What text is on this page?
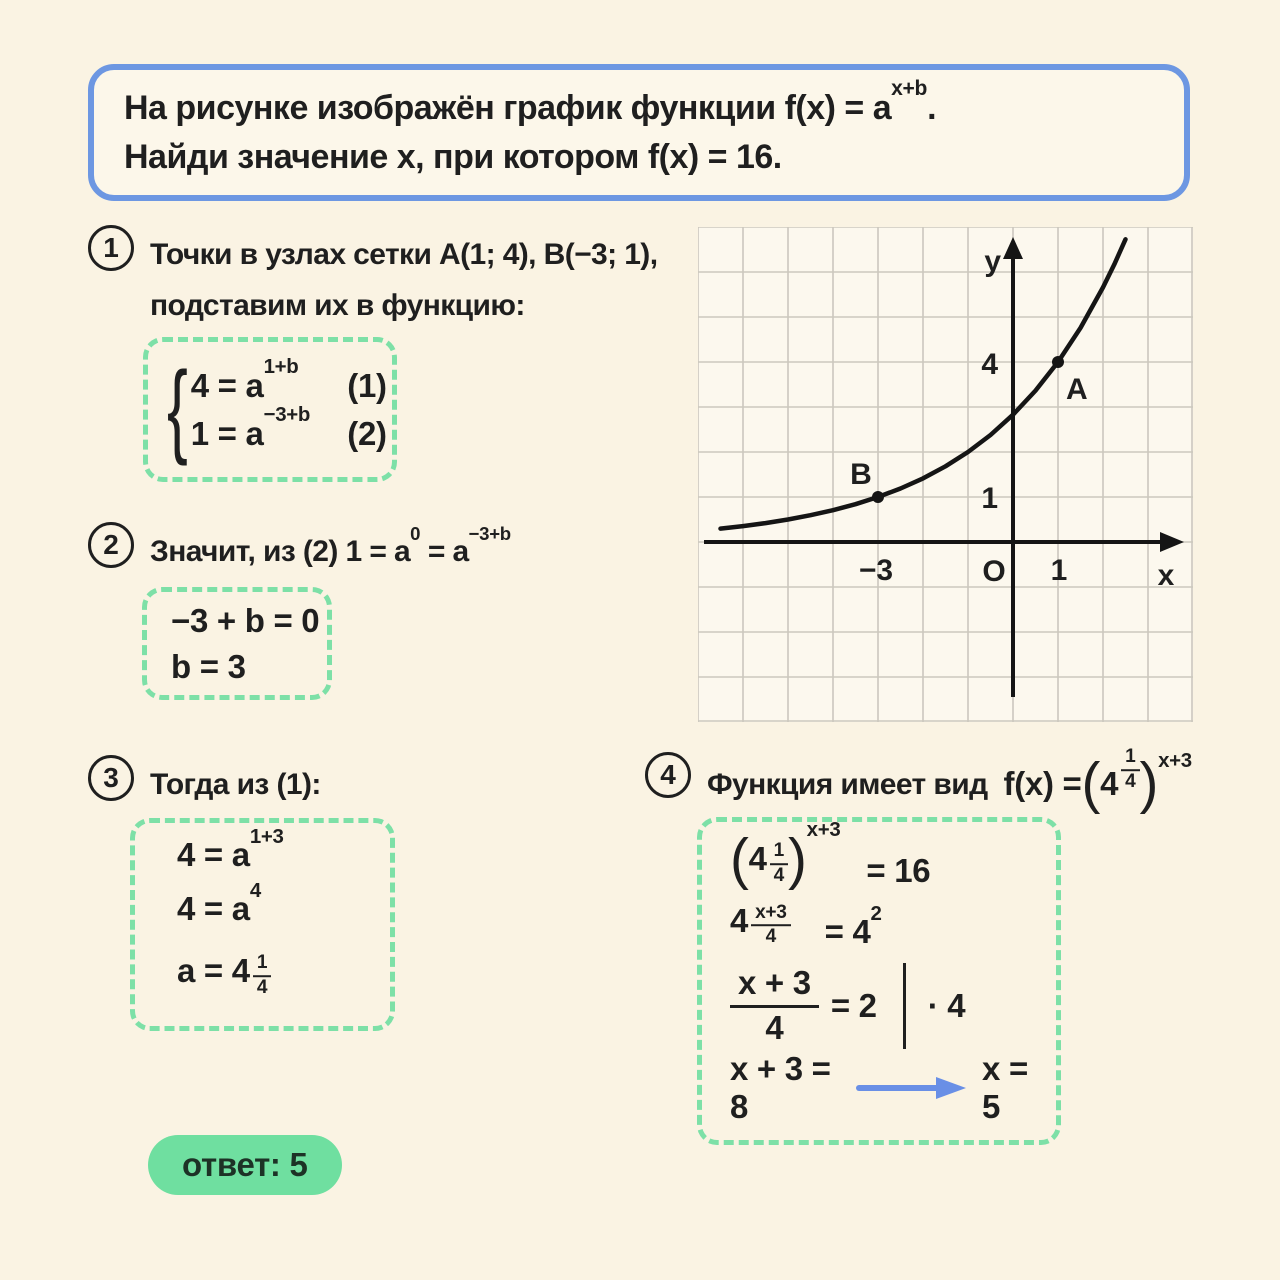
На рисунке изображён график функции $f(x) = a^{x+b}$.
Найди значение x, при котором f(x) = 16.
1	Точки в узлах сетки A(1; 4), B(−3; 1),
подставим их в функцию:
{ $4 = a^{1+b}$ (1)
$1 = a^{-3+b}$ (2)
y
x
O
4
1
−3	1
A
B
2	Значит, из (2) $1 = a^0 = a^{-3+b}$
−3 + b = 0
b = 3
3	Тогда из (1):
$4 = a^{1+3}$
$4 = a^4$
$a = 4 \frac{1}{4}$
4	Функция имеет вид f(x) = ( $4 \frac{1}{4} )^{x+3}$
$(4 \frac{1}{4} )^{x+3}$
= 16
$4 \frac{x+3}{4} = 4^2$
$\frac{x + 3}{4} = 2 \cdot 4$
x + 3 = 8
x = 5
ответ: 5
